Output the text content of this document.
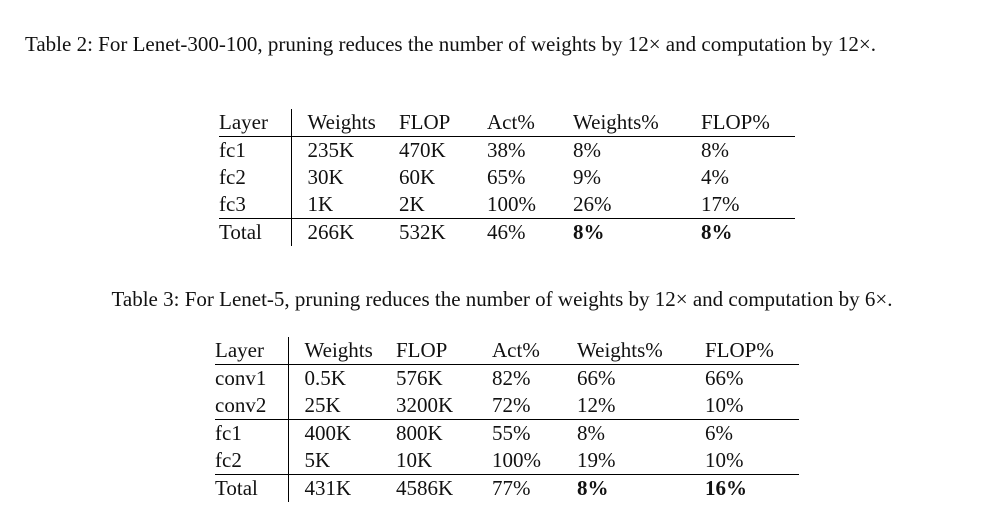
Table 2: For Lenet-300-100, pruning reduces the number of weights by 12× and computation by 12×.

Layer	Weights	FLOP	Act%	Weights%	FLOP%
fc1	235K	470K	38%	8%	8%
fc2	30K	60K	65%	9%	4%
fc3	1K	2K	100%	26%	17%
Total	266K	532K	46%	8%	8%

Table 3: For Lenet-5, pruning reduces the number of weights by 12× and computation by 6×.

Layer	Weights	FLOP	Act%	Weights%	FLOP%
conv1	0.5K	576K	82%	66%	66%
conv2	25K	3200K	72%	12%	10%
fc1	400K	800K	55%	8%	6%
fc2	5K	10K	100%	19%	10%
Total	431K	4586K	77%	8%	16%
